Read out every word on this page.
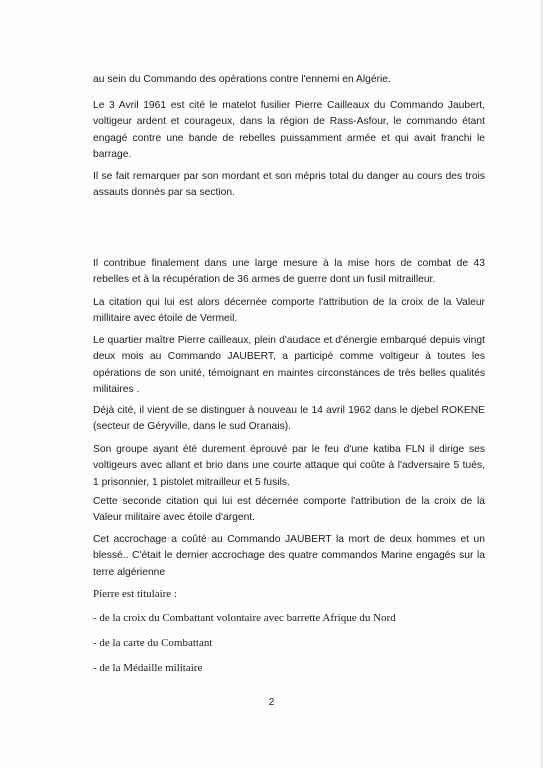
au sein du Commando des opérations contre l'ennemi en Algérie.

Le 3 Avril 1961 est cité le matelot fusilier Pierre Cailleaux du Commando Jaubert, voltigeur ardent et courageux, dans la région de Rass-Asfour, le commando étant engagé contre une bande de rebelles puissamment armée et qui avait franchi le barrage.

Il se fait remarquer par son mordant et son mépris total du danger au cours des trois assauts donnés par sa section.

Il contribue finalement dans une large mesure à la mise hors de combat de 43 rebelles et à la récupération de 36 armes de guerre dont un fusil mitrailleur.

La citation qui lui est alors décernée comporte l'attribution de la croix de la Valeur millitaire avec étoile de Vermeil.

Le quartier maître Pierre cailleaux, plein d'audace et d'énergie embarqué depuis vingt deux mois au Commando JAUBERT, a participé comme voltigeur à toutes les opérations de son unité, témoignant en maintes circonstances de très belles qualités militaires .

Déjà cité, il vient de se distinguer à nouveau le 14 avril 1962 dans le djebel ROKENE (secteur de Géryville, dans le sud Oranais).

Son groupe ayant été durement éprouvé par le feu d'une katiba FLN il dirige ses voltigeurs avec allant et brio dans une courte attaque qui coûte à l'adversaire 5 tués, 1 prisonnier, 1 pistolet mitrailleur et 5 fusils.

Cette seconde citation qui lui est décernée comporte l'attribution de la croix de la Valeur militaire avec étoile d'argent.

Cet accrochage a coûté au Commando JAUBERT la mort de deux hommes et un blessé.. C'était le dernier accrochage des quatre commandos Marine engagés sur la terre algérienne

Pierre est titulaire :

- de la croix du Combattant volontaire avec barrette Afrique du Nord

- de la carte du Combattant

- de la Médaille militaire

2
